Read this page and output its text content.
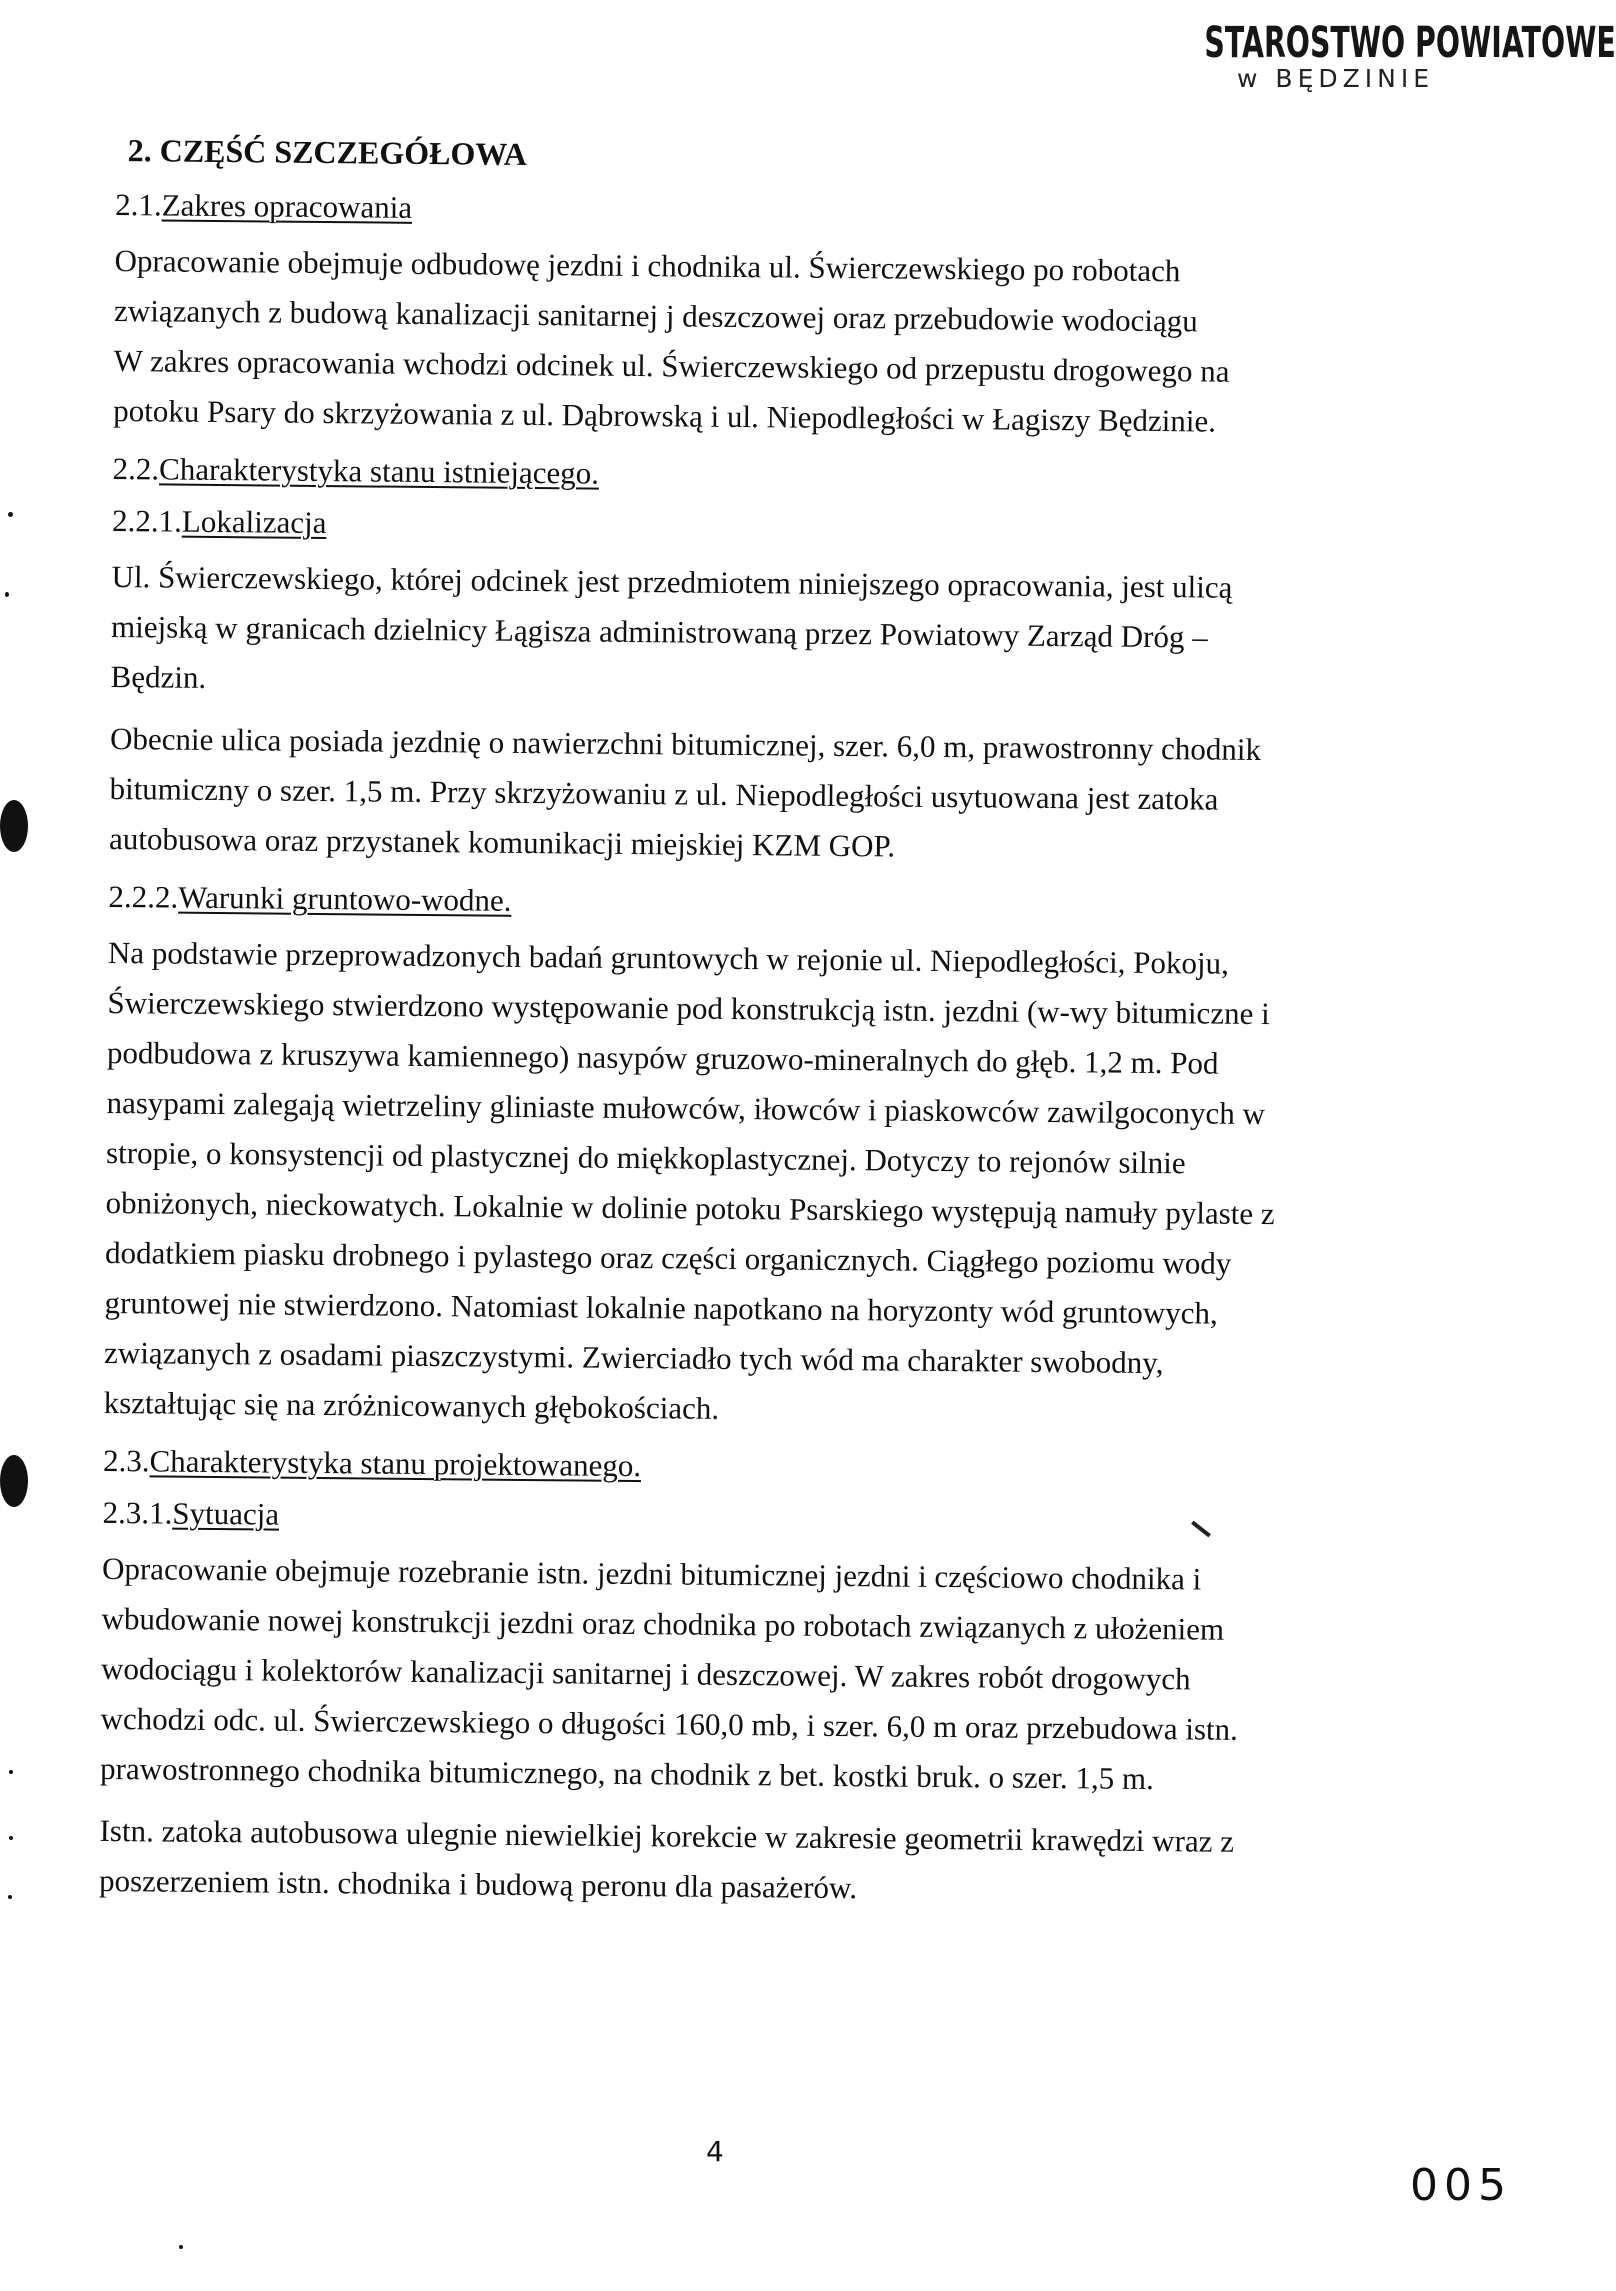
STAROSTWO POWIATOWE
w BĘDZINIE
2. CZĘŚĆ SZCZEGÓŁOWA
2.1.Zakres opracowania
Opracowanie obejmuje odbudowę jezdni i chodnika ul. Świerczewskiego po robotach
związanych z budową kanalizacji sanitarnej j deszczowej oraz przebudowie wodociągu
W zakres opracowania wchodzi odcinek ul. Świerczewskiego od przepustu drogowego na
potoku Psary do skrzyżowania z ul. Dąbrowską i ul. Niepodległości w Łagiszy Będzinie.
2.2.Charakterystyka stanu istniejącego.
2.2.1.Lokalizacja
Ul. Świerczewskiego, której odcinek jest przedmiotem niniejszego opracowania, jest ulicą
miejską w granicach dzielnicy Łągisza administrowaną przez Powiatowy Zarząd Dróg –
Będzin.
Obecnie ulica posiada jezdnię o nawierzchni bitumicznej, szer. 6,0 m, prawostronny chodnik
bitumiczny o szer. 1,5 m. Przy skrzyżowaniu z ul. Niepodległości usytuowana jest zatoka
autobusowa oraz przystanek komunikacji miejskiej KZM GOP.
2.2.2.Warunki gruntowo-wodne.
Na podstawie przeprowadzonych badań gruntowych w rejonie ul. Niepodległości, Pokoju,
Świerczewskiego stwierdzono występowanie pod konstrukcją istn. jezdni (w-wy bitumiczne i
podbudowa z kruszywa kamiennego) nasypów gruzowo-mineralnych do głęb. 1,2 m. Pod
nasypami zalegają wietrzeliny gliniaste mułowców, iłowców i piaskowców zawilgoconych w
stropie, o konsystencji od plastycznej do miękkoplastycznej. Dotyczy to rejonów silnie
obniżonych, nieckowatych. Lokalnie w dolinie potoku Psarskiego występują namuły pylaste z
dodatkiem piasku drobnego i pylastego oraz części organicznych. Ciągłego poziomu wody
gruntowej nie stwierdzono. Natomiast lokalnie napotkano na horyzonty wód gruntowych,
związanych z osadami piaszczystymi. Zwierciadło tych wód ma charakter swobodny,
kształtując się na zróżnicowanych głębokościach.
2.3.Charakterystyka stanu projektowanego.
2.3.1.Sytuacja
Opracowanie obejmuje rozebranie istn. jezdni bitumicznej jezdni i częściowo chodnika i
wbudowanie nowej konstrukcji jezdni oraz chodnika po robotach związanych z ułożeniem
wodociągu i kolektorów kanalizacji sanitarnej i deszczowej. W zakres robót drogowych
wchodzi odc. ul. Świerczewskiego o długości 160,0 mb, i szer. 6,0 m oraz przebudowa istn.
prawostronnego chodnika bitumicznego, na chodnik z bet. kostki bruk. o szer. 1,5 m.
Istn. zatoka autobusowa ulegnie niewielkiej korekcie w zakresie geometrii krawędzi wraz z
poszerzeniem istn. chodnika i budową peronu dla pasażerów.
4
005
